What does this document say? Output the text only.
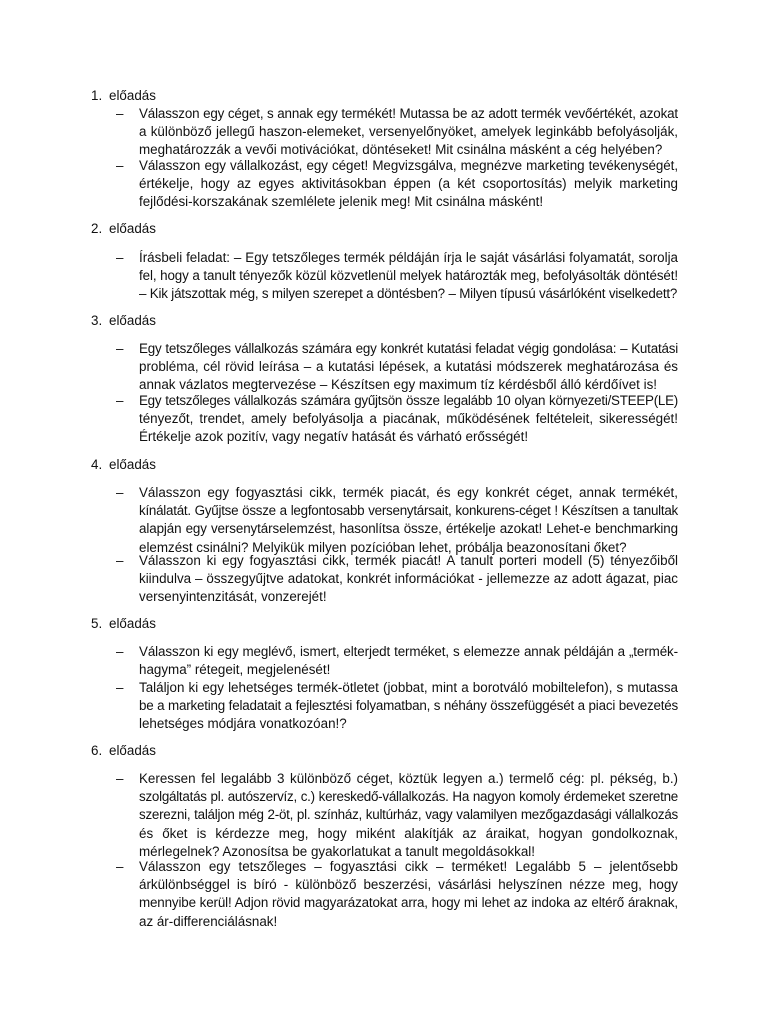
1. előadás
– Válasszon egy céget, s annak egy termékét! Mutassa be az adott termék vevőértékét, azokat
a különböző jellegű haszon-elemeket, versenyelőnyöket, amelyek leginkább befolyásolják,
meghatározzák a vevői motivációkat, döntéseket! Mit csinálna másként a cég helyében?
– Válasszon egy vállalkozást, egy céget! Megvizsgálva, megnézve marketing tevékenységét,
értékelje, hogy az egyes aktivitásokban éppen (a két csoportosítás) melyik marketing
fejlődési-korszakának szemlélete jelenik meg! Mit csinálna másként!
2. előadás
– Írásbeli feladat: – Egy tetszőleges termék példáján írja le saját vásárlási folyamatát, sorolja
fel, hogy a tanult tényezők közül közvetlenül melyek határozták meg, befolyásolták döntését!
– Kik játszottak még, s milyen szerepet a döntésben? – Milyen típusú vásárlóként viselkedett?
3. előadás
– Egy tetszőleges vállalkozás számára egy konkrét kutatási feladat végig gondolása: – Kutatási
probléma, cél rövid leírása – a kutatási lépések, a kutatási módszerek meghatározása és
annak vázlatos megtervezése – Készítsen egy maximum tíz kérdésből álló kérdőívet is!
– Egy tetszőleges vállalkozás számára gyűjtsön össze legalább 10 olyan környezeti/STEEP(LE)
tényezőt, trendet, amely befolyásolja a piacának, működésének feltételeit, sikerességét!
Értékelje azok pozitív, vagy negatív hatását és várható erősségét!
4. előadás
– Válasszon egy fogyasztási cikk, termék piacát, és egy konkrét céget, annak termékét,
kínálatát. Gyűjtse össze a legfontosabb versenytársait, konkurens-céget ! Készítsen a tanultak
alapján egy versenytárselemzést, hasonlítsa össze, értékelje azokat! Lehet-e benchmarking
elemzést csinálni? Melyikük milyen pozícióban lehet, próbálja beazonosítani őket?
– Válasszon ki egy fogyasztási cikk, termék piacát! A tanult porteri modell (5) tényezőiből
kiindulva – összegyűjtve adatokat, konkrét információkat - jellemezze az adott ágazat, piac
versenyintenzitását, vonzerejét!
5. előadás
– Válasszon ki egy meglévő, ismert, elterjedt terméket, s elemezze annak példáján a „termék-
hagyma” rétegeit, megjelenését!
– Találjon ki egy lehetséges termék-ötletet (jobbat, mint a borotváló mobiltelefon), s mutassa
be a marketing feladatait a fejlesztési folyamatban, s néhány összefüggését a piaci bevezetés
lehetséges módjára vonatkozóan!?
6. előadás
– Keressen fel legalább 3 különböző céget, köztük legyen a.) termelő cég: pl. pékség, b.)
szolgáltatás pl. autószervíz, c.) kereskedő-vállalkozás. Ha nagyon komoly érdemeket szeretne
szerezni, találjon még 2-öt, pl. színház, kultúrház, vagy valamilyen mezőgazdasági vállalkozás
és őket is kérdezze meg, hogy miként alakítják az áraikat, hogyan gondolkoznak,
mérlegelnek? Azonosítsa be gyakorlatukat a tanult megoldásokkal!
– Válasszon egy tetszőleges – fogyasztási cikk – terméket! Legalább 5 – jelentősebb
árkülönbséggel is bíró - különböző beszerzési, vásárlási helyszínen nézze meg, hogy
mennyibe kerül! Adjon rövid magyarázatokat arra, hogy mi lehet az indoka az eltérő áraknak,
az ár-differenciálásnak!
